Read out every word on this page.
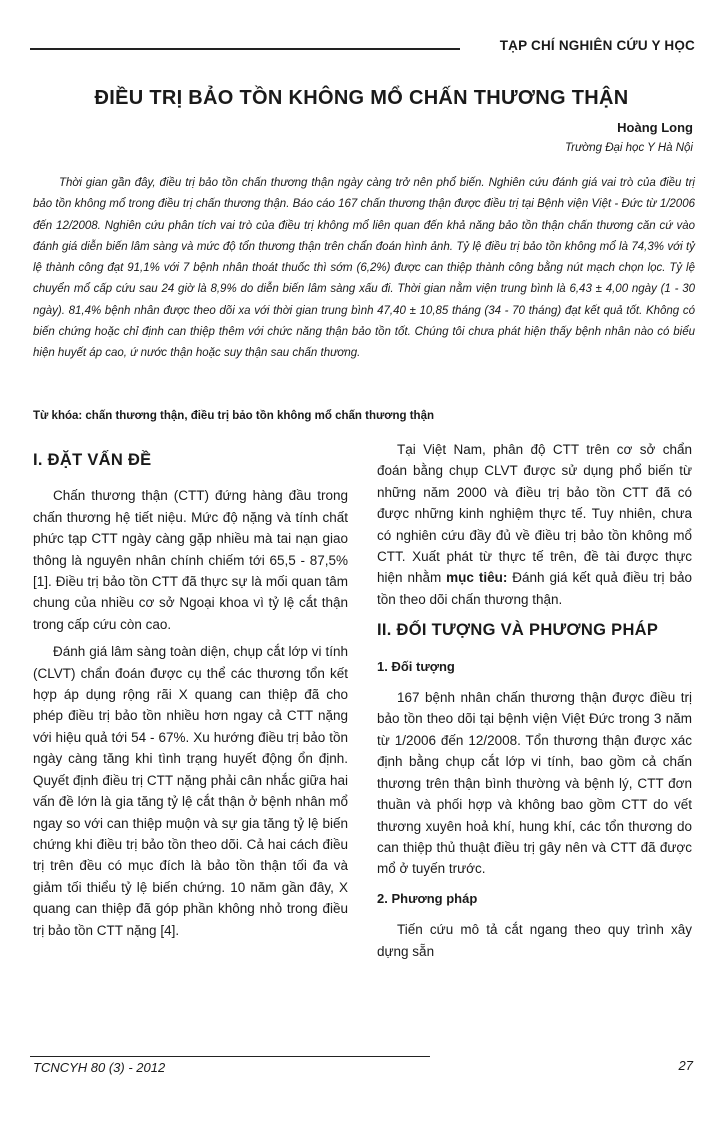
TẠP CHÍ NGHIÊN CỨU Y HỌC
ĐIỀU TRỊ BẢO TỒN KHÔNG MỔ CHẤN THƯƠNG THẬN
Hoàng Long
Trường Đại học Y Hà Nội
Thời gian gần đây, điều trị bảo tồn chấn thương thận ngày càng trở nên phổ biến. Nghiên cứu đánh giá vai trò của điều trị bảo tồn không mổ trong điều trị chấn thương thận. Báo cáo 167 chấn thương thận được điều trị tại Bệnh viện Việt - Đức từ 1/2006 đến 12/2008. Nghiên cứu phân tích vai trò của điều trị không mổ liên quan đến khả năng bảo tồn thận chấn thương căn cứ vào đánh giá diễn biến lâm sàng và mức độ tổn thương thận trên chẩn đoán hình ảnh. Tỷ lệ điều trị bảo tồn không mổ là 74,3% với tỷ lệ thành công đạt 91,1% với 7 bệnh nhân thoát thuốc thì sớm (6,2%) được can thiệp thành công bằng nút mạch chọn lọc. Tỷ lệ chuyển mổ cấp cứu sau 24 giờ là 8,9% do diễn biến lâm sàng xấu đi. Thời gian nằm viện trung bình là 6,43 ± 4,00 ngày (1 - 30 ngày). 81,4% bệnh nhân được theo dõi xa với thời gian trung bình 47,40 ± 10,85 tháng (34 - 70 tháng) đạt kết quả tốt. Không có biến chứng hoặc chỉ định can thiệp thêm với chức năng thận bảo tồn tốt. Chúng tôi chưa phát hiện thấy bệnh nhân nào có biểu hiện huyết áp cao, ứ nước thận hoặc suy thận sau chấn thương.
Từ khóa: chấn thương thận, điều trị bảo tồn không mổ chấn thương thận
I. ĐẶT VẤN ĐỀ

Chấn thương thận (CTT) đứng hàng đầu trong chấn thương hệ tiết niệu. Mức độ nặng và tính chất phức tạp CTT ngày càng gặp nhiều mà tai nạn giao thông là nguyên nhân chính chiếm tới 65,5 - 87,5% [1]. Điều trị bảo tồn CTT đã thực sự là mối quan tâm chung của nhiều cơ sở Ngoại khoa vì tỷ lệ cắt thận trong cấp cứu còn cao.

Đánh giá lâm sàng toàn diện, chụp cắt lớp vi tính (CLVT) chẩn đoán được cụ thể các thương tổn kết hợp áp dụng rộng rãi X quang can thiệp đã cho phép điều trị bảo tồn nhiều hơn ngay cả CTT nặng với hiệu quả tới 54 - 67%. Xu hướng điều trị bảo tồn ngày càng tăng khi tình trạng huyết động ổn định. Quyết định điều trị CTT nặng phải cân nhắc giữa hai vấn đề lớn là gia tăng tỷ lệ cắt thận ở bệnh nhân mổ ngay so với can thiệp muộn và sự gia tăng tỷ lệ biến chứng khi điều trị bảo tồn theo dõi. Cả hai cách điều trị trên đều có mục đích là bảo tồn thận tối đa và giảm tối thiểu tỷ lệ biến chứng. 10 năm gần đây, X quang can thiệp đã góp phần không nhỏ trong điều trị bảo tồn CTT nặng [4].

Tại Việt Nam, phân độ CTT trên cơ sở chẩn đoán bằng chụp CLVT được sử dụng phổ biến từ những năm 2000 và điều trị bảo tồn CTT đã có được những kinh nghiệm thực tế. Tuy nhiên, chưa có nghiên cứu đầy đủ về điều trị bảo tồn không mổ CTT. Xuất phát từ thực tế trên, đề tài được thực hiện nhằm mục tiêu: Đánh giá kết quả điều trị bảo tồn theo dõi chấn thương thận.

II. ĐỐI TƯỢNG VÀ PHƯƠNG PHÁP
1. Đối tượng

167 bệnh nhân chấn thương thận được điều trị bảo tồn theo dõi tại bệnh viện Việt Đức trong 3 năm từ 1/2006 đến 12/2008. Tổn thương thận được xác định bằng chụp cắt lớp vi tính, bao gồm cả chấn thương trên thận bình thường và bệnh lý, CTT đơn thuần và phối hợp và không bao gồm CTT do vết thương xuyên hoả khí, hung khí, các tổn thương do can thiệp thủ thuật điều trị gây nên và CTT đã được mổ ở tuyến trước.

2. Phương pháp

Tiến cứu mô tả cắt ngang theo quy trình xây dựng sẵn

TCNCYH 80 (3) - 2012	27
